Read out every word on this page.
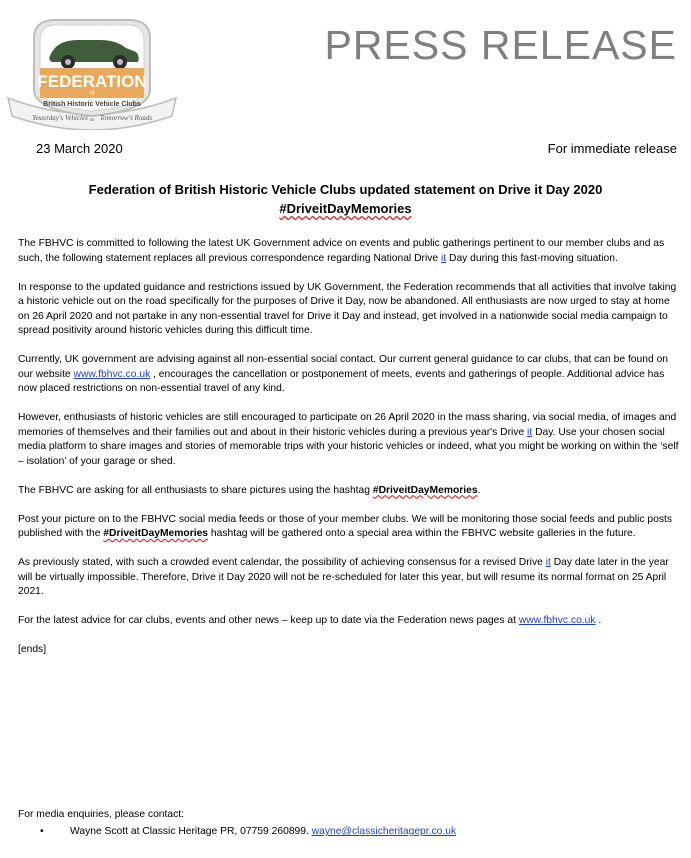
FEDERATION
of
British Historic Vehicle Clubs
Yesterday's Vehicles on Tomorrow's Roads
PRESS RELEASE
23 March 2020	For immediate release
Federation of British Historic Vehicle Clubs updated statement on Drive it Day 2020
#DriveitDayMemories

The FBHVC is committed to following the latest UK Government advice on events and public gatherings pertinent to our member clubs and as such, the following statement replaces all previous correspondence regarding National Drive it Day during this fast-moving situation.

In response to the updated guidance and restrictions issued by UK Government, the Federation recommends that all activities that involve taking a historic vehicle out on the road specifically for the purposes of Drive it Day, now be abandoned. All enthusiasts are now urged to stay at home on 26 April 2020 and not partake in any non-essential travel for Drive it Day and instead, get involved in a nationwide social media campaign to spread positivity around historic vehicles during this difficult time.

Currently, UK government are advising against all non-essential social contact. Our current general guidance to car clubs, that can be found on our website www.fbhvc.co.uk , encourages the cancellation or postponement of meets, events and gatherings of people. Additional advice has now placed restrictions on non-essential travel of any kind.

However, enthusiasts of historic vehicles are still encouraged to participate on 26 April 2020 in the mass sharing, via social media, of images and memories of themselves and their families out and about in their historic vehicles during a previous year's Drive it Day. Use your chosen social media platform to share images and stories of memorable trips with your historic vehicles or indeed, what you might be working on within the ‘self – isolation’ of your garage or shed.

The FBHVC are asking for all enthusiasts to share pictures using the hashtag #DriveitDayMemories.

Post your picture on to the FBHVC social media feeds or those of your member clubs. We will be monitoring those social feeds and public posts published with the #DriveitDayMemories hashtag will be gathered onto a special area within the FBHVC website galleries in the future.

As previously stated, with such a crowded event calendar, the possibility of achieving consensus for a revised Drive it Day date later in the year will be virtually impossible. Therefore, Drive it Day 2020 will not be re-scheduled for later this year, but will resume its normal format on 25 April 2021.

For the latest advice for car clubs, events and other news – keep up to date via the Federation news pages at www.fbhvc.co.uk .

[ends]

For media enquiries, please contact:
•	Wayne Scott at Classic Heritage PR, 07759 260899. wayne@classicheritagepr.co.uk
